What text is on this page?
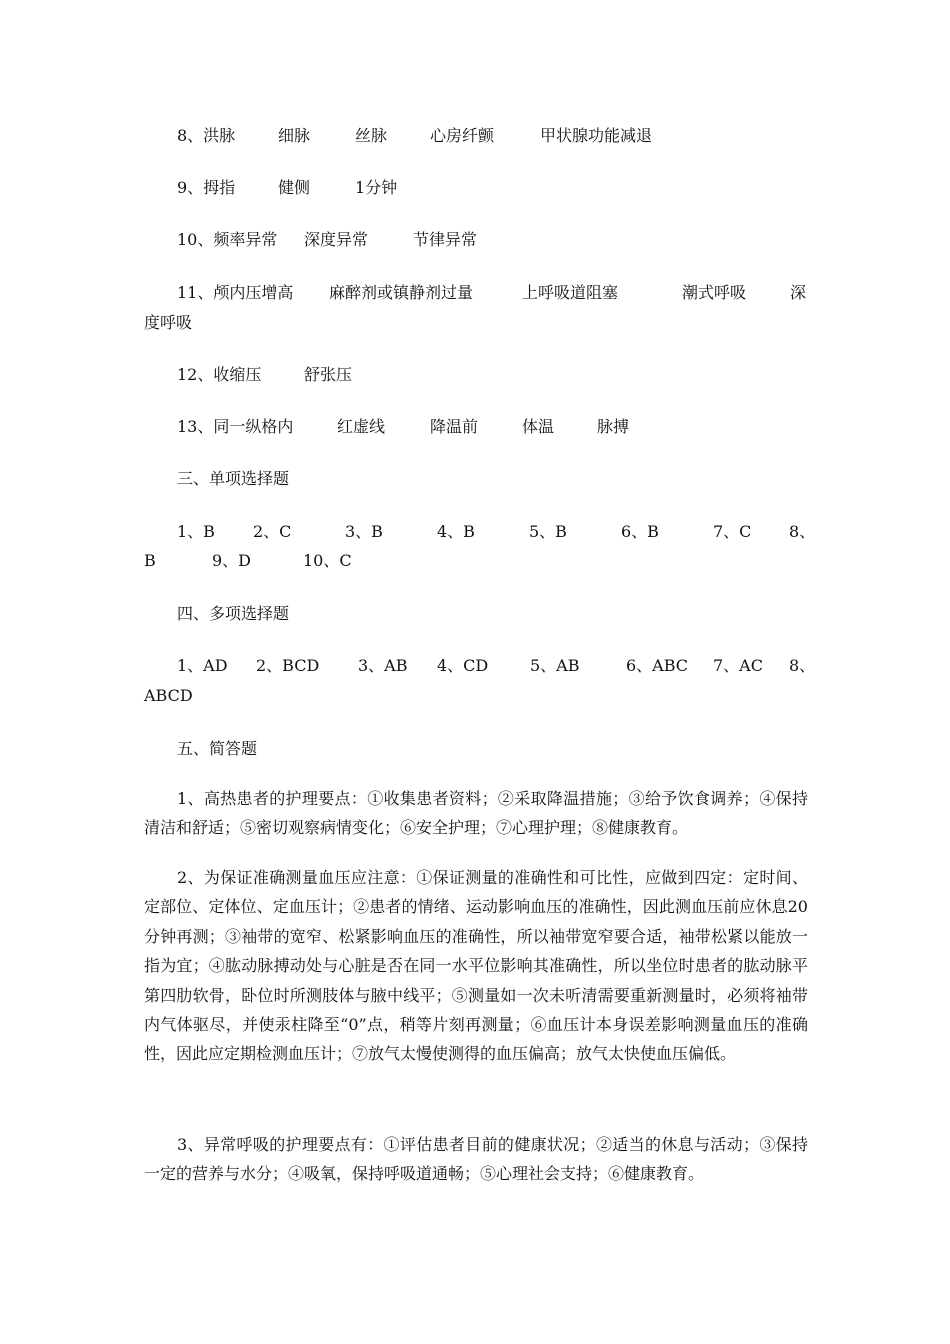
8、洪脉	细脉	丝脉	心房纤颤	甲状腺功能减退
9、拇指	健侧	1分钟
10、频率异常 深度异常	节律异常
11、颅内压增高 麻醉剂或镇静剂过量	上呼吸道阻塞	潮式呼吸	深
度呼吸
12、收缩压	舒张压
13、同一纵格内	红虚线	降温前	体温	脉搏
三、单项选择题
1、B 2、C	3、B	4、B	5、B	6、B	7、C 8、
B	9、D	10、C
四、多项选择题
1、AD 2、BCD 3、AB 4、CD	5、AB	6、ABC 7、AC 8、
ABCD
五、简答题

1、高热患者的护理要点：①收集患者资料；②采取降温措施；③给予饮食调养；④保持清洁和舒适；⑤密切观察病情变化；⑥安全护理；⑦心理护理；⑧健康教育。

2、为保证准确测量血压应注意：①保证测量的准确性和可比性，应做到四定：定时间、定部位、定体位、定血压计；②患者的情绪、运动影响血压的准确性，因此测血压前应休息20分钟再测；③袖带的宽窄、松紧影响血压的准确性，所以袖带宽窄要合适，袖带松紧以能放一指为宜；④肱动脉搏动处与心脏是否在同一水平位影响其准确性，所以坐位时患者的肱动脉平第四肋软骨，卧位时所测肢体与腋中线平；⑤测量如一次未听清需要重新测量时，必须将袖带内气体驱尽，并使汞柱降至“0”点，稍等片刻再测量；⑥血压计本身误差影响测量血压的准确性，因此应定期检测血压计；⑦放气太慢使测得的血压偏高；放气太快使血压偏低。

3、异常呼吸的护理要点有：①评估患者目前的健康状况；②适当的休息与活动；③保持一定的营养与水分；④吸氧，保持呼吸道通畅；⑤心理社会支持；⑥健康教育。
